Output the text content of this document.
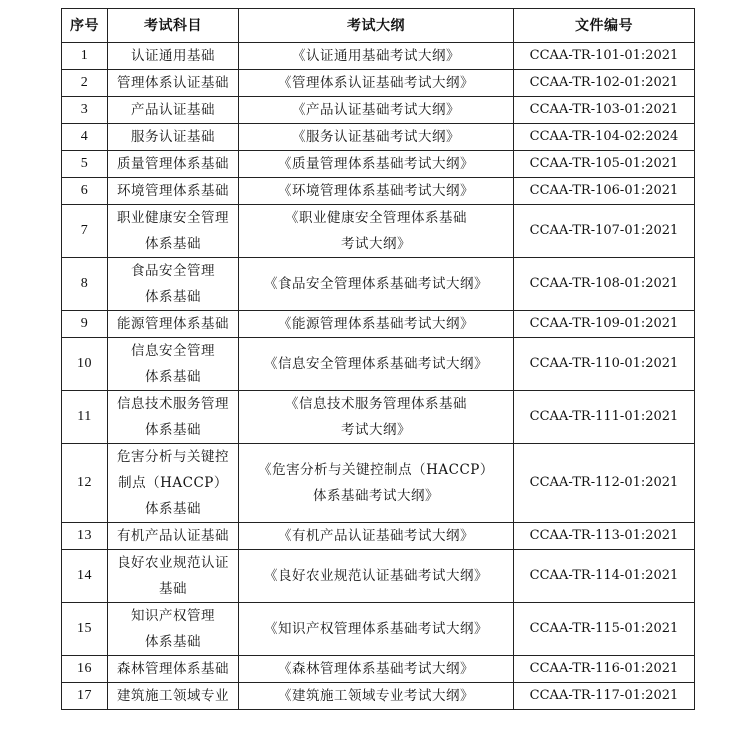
序号	考试科目	考试大纲	文件编号
1	认证通用基础	《认证通用基础考试大纲》	CCAA-TR-101-01:2021
2	管理体系认证基础	《管理体系认证基础考试大纲》	CCAA-TR-102-01:2021
3	产品认证基础	《产品认证基础考试大纲》	CCAA-TR-103-01:2021
4	服务认证基础	《服务认证基础考试大纲》	CCAA-TR-104-02:2024
5	质量管理体系基础	《质量管理体系基础考试大纲》	CCAA-TR-105-01:2021
6	环境管理体系基础	《环境管理体系基础考试大纲》	CCAA-TR-106-01:2021
7	职业健康安全管理
体系基础	《职业健康安全管理体系基础
考试大纲》	CCAA-TR-107-01:2021
8	食品安全管理
体系基础	《食品安全管理体系基础考试大纲》	CCAA-TR-108-01:2021
9	能源管理体系基础	《能源管理体系基础考试大纲》	CCAA-TR-109-01:2021
10	信息安全管理
体系基础	《信息安全管理体系基础考试大纲》	CCAA-TR-110-01:2021
11	信息技术服务管理
体系基础	《信息技术服务管理体系基础
考试大纲》	CCAA-TR-111-01:2021
12	危害分析与关键控
制点（HACCP）
体系基础	《危害分析与关键控制点（HACCP）
体系基础考试大纲》	CCAA-TR-112-01:2021
13	有机产品认证基础	《有机产品认证基础考试大纲》	CCAA-TR-113-01:2021
14	良好农业规范认证
基础	《良好农业规范认证基础考试大纲》	CCAA-TR-114-01:2021
15	知识产权管理
体系基础	《知识产权管理体系基础考试大纲》	CCAA-TR-115-01:2021
16	森林管理体系基础	《森林管理体系基础考试大纲》	CCAA-TR-116-01:2021
17	建筑施工领域专业	《建筑施工领域专业考试大纲》	CCAA-TR-117-01:2021
